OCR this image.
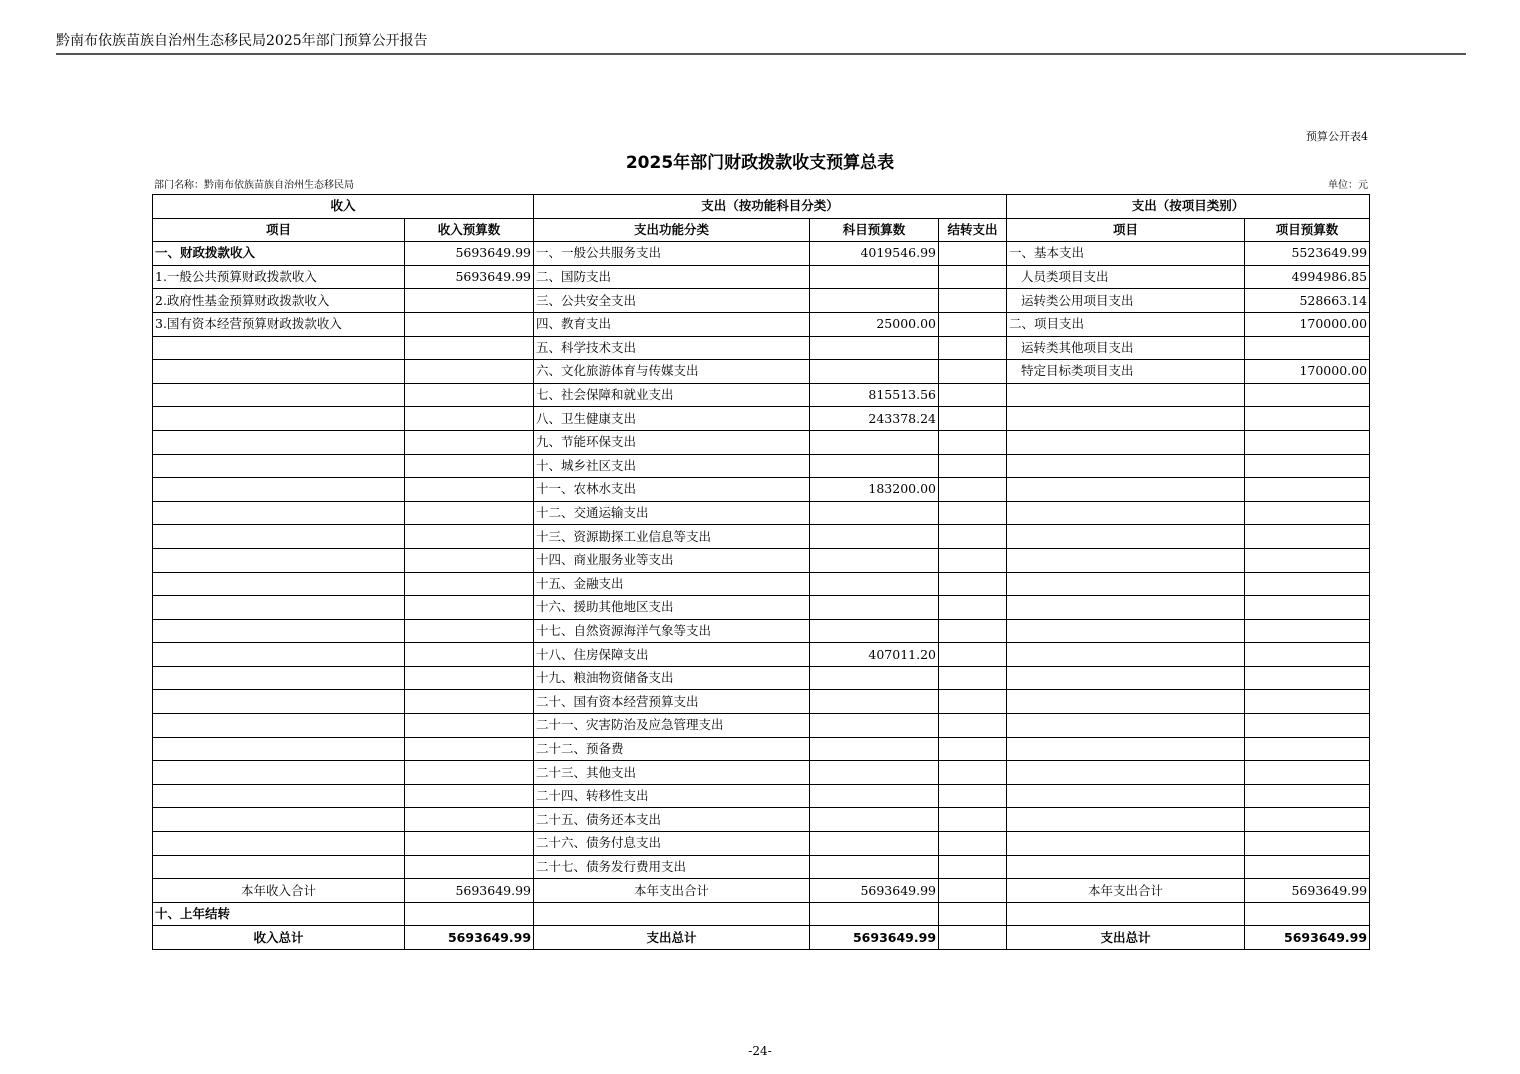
黔南布依族苗族自治州生态移民局2025年部门预算公开报告
预算公开表4
2025年部门财政拨款收支预算总表
部门名称：黔南布依族苗族自治州生态移民局	单位：元
收入		支出（按功能科目分类）			支出（按项目类别）	
项目	收入预算数	支出功能分类	科目预算数	结转支出	项目	项目预算数
一、财政拨款收入	5693649.99	一、一般公共服务支出	4019546.99		一、基本支出	5523649.99
1.一般公共预算财政拨款收入	5693649.99	二、国防支出			人员类项目支出	4994986.85
2.政府性基金预算财政拨款收入		三、公共安全支出			运转类公用项目支出	528663.14
3.国有资本经营预算财政拨款收入		四、教育支出	25000.00		二、项目支出	170000.00
		五、科学技术支出			运转类其他项目支出	
		六、文化旅游体育与传媒支出			特定目标类项目支出	170000.00
		七、社会保障和就业支出	815513.56			
		八、卫生健康支出	243378.24			
		九、节能环保支出				
		十、城乡社区支出				
		十一、农林水支出	183200.00			
		十二、交通运输支出				
		十三、资源勘探工业信息等支出				
		十四、商业服务业等支出				
		十五、金融支出				
		十六、援助其他地区支出				
		十七、自然资源海洋气象等支出				
		十八、住房保障支出	407011.20			
		十九、粮油物资储备支出				
		二十、国有资本经营预算支出				
		二十一、灾害防治及应急管理支出				
		二十二、预备费				
		二十三、其他支出				
		二十四、转移性支出				
		二十五、债务还本支出				
		二十六、债务付息支出				
		二十七、债务发行费用支出				
本年收入合计	5693649.99	本年支出合计	5693649.99		本年支出合计	5693649.99
十、上年结转						
收入总计	5693649.99	支出总计	5693649.99		支出总计	5693649.99
-24-
